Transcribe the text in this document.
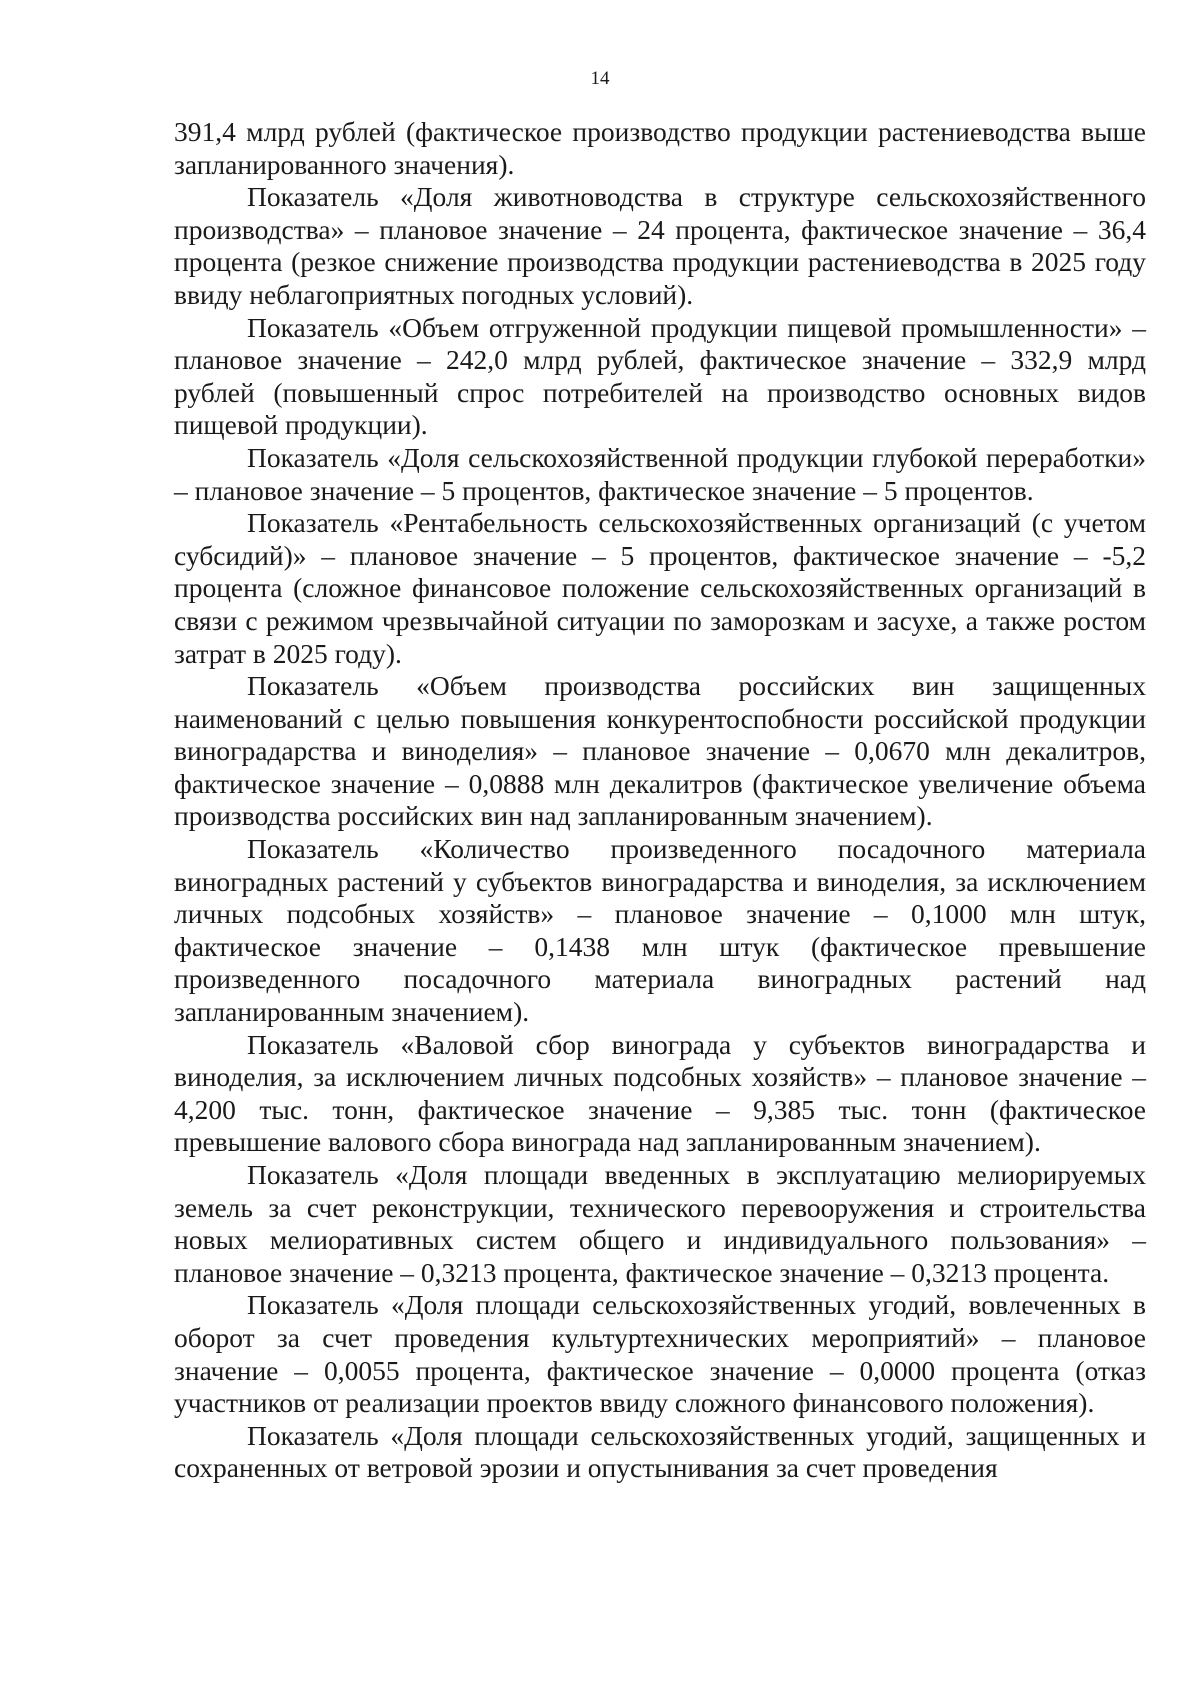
14

391,4 млрд рублей (фактическое производство продукции растениеводства выше запланированного значения).

Показатель «Доля животноводства в структуре сельскохозяйственного производства» – плановое значение – 24 процента, фактическое значение – 36,4 процента (резкое снижение производства продукции растениеводства в 2025 году ввиду неблагоприятных погодных условий).

Показатель «Объем отгруженной продукции пищевой промышленности» – плановое значение – 242,0 млрд рублей, фактическое значение – 332,9 млрд рублей (повышенный спрос потребителей на производство основных видов пищевой продукции).

Показатель «Доля сельскохозяйственной продукции глубокой переработки» – плановое значение – 5 процентов, фактическое значение – 5 процентов.

Показатель «Рентабельность сельскохозяйственных организаций (с учетом субсидий)» – плановое значение – 5 процентов, фактическое значение – -5,2 процента (сложное финансовое положение сельскохозяйственных организаций в связи с режимом чрезвычайной ситуации по заморозкам и засухе, а также ростом затрат в 2025 году).

Показатель «Объем производства российских вин защищенных наименований с целью повышения конкурентоспобности российской продукции виноградарства и виноделия» – плановое значение – 0,0670 млн декалитров, фактическое значение – 0,0888 млн декалитров (фактическое увеличение объема производства российских вин над запланированным значением).

Показатель «Количество произведенного посадочного материала виноградных растений у субъектов виноградарства и виноделия, за исключением личных подсобных хозяйств» – плановое значение – 0,1000 млн штук, фактическое значение – 0,1438 млн штук (фактическое превышение произведенного посадочного материала виноградных растений над запланированным значением).

Показатель «Валовой сбор винограда у субъектов виноградарства и виноделия, за исключением личных подсобных хозяйств» – плановое значение – 4,200 тыс. тонн, фактическое значение – 9,385 тыс. тонн (фактическое превышение валового сбора винограда над запланированным значением).

Показатель «Доля площади введенных в эксплуатацию мелиорируемых земель за счет реконструкции, технического перевооружения и строительства новых мелиоративных систем общего и индивидуального пользования» – плановое значение – 0,3213 процента, фактическое значение – 0,3213 процента.

Показатель «Доля площади сельскохозяйственных угодий, вовлеченных в оборот за счет проведения культуртехнических мероприятий» – плановое значение – 0,0055 процента, фактическое значение – 0,0000 процента (отказ участников от реализации проектов ввиду сложного финансового положения).

Показатель «Доля площади сельскохозяйственных угодий, защищенных и сохраненных от ветровой эрозии и опустынивания за счет проведения
